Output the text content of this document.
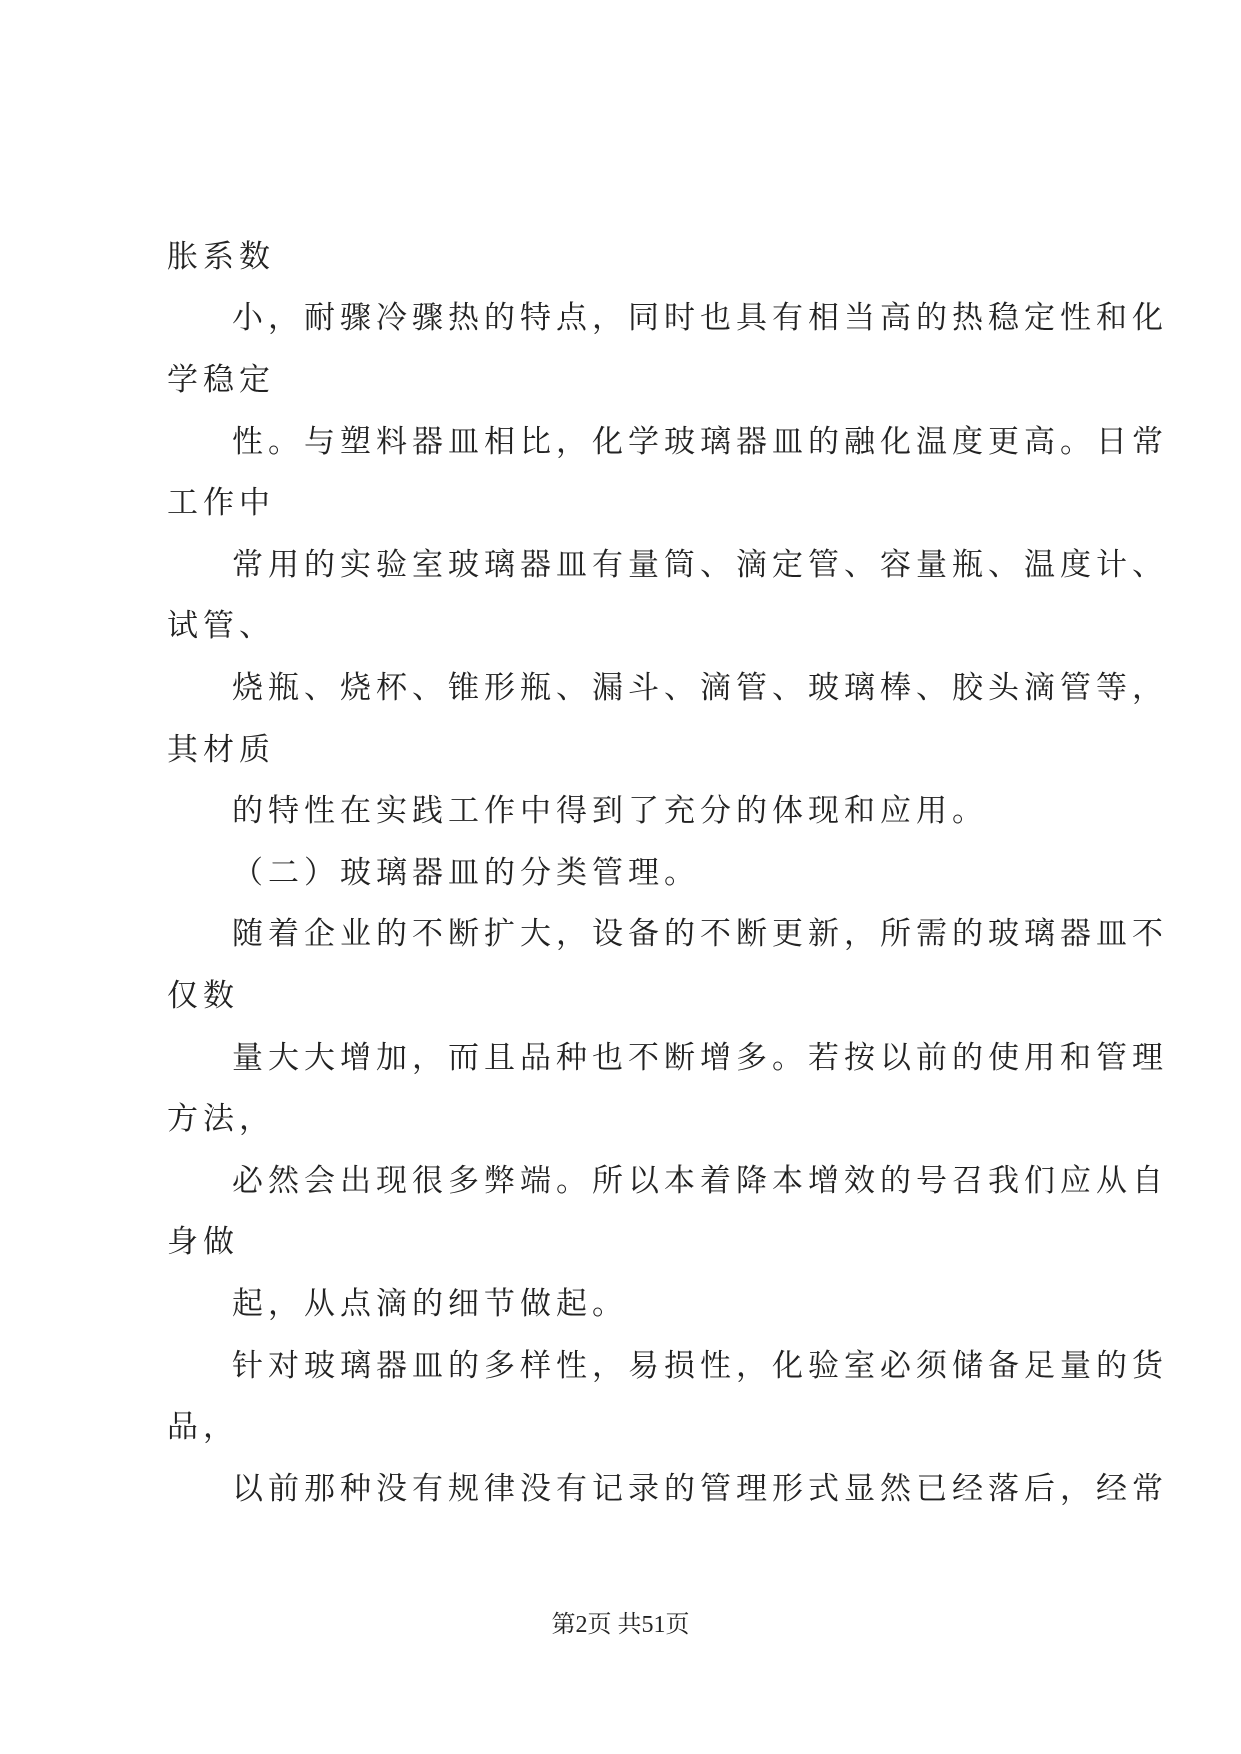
胀系数
小，耐骤冷骤热的特点，同时也具有相当高的热稳定性和化
学稳定
性。与塑料器皿相比，化学玻璃器皿的融化温度更高。日常
工作中
常用的实验室玻璃器皿有量筒、滴定管、容量瓶、温度计、
试管、
烧瓶、烧杯、锥形瓶、漏斗、滴管、玻璃棒、胶头滴管等，
其材质
的特性在实践工作中得到了充分的体现和应用。
（二）玻璃器皿的分类管理。
随着企业的不断扩大，设备的不断更新，所需的玻璃器皿不
仅数
量大大增加，而且品种也不断增多。若按以前的使用和管理
方法，
必然会出现很多弊端。所以本着降本增效的号召我们应从自
身做
起，从点滴的细节做起。
针对玻璃器皿的多样性，易损性，化验室必须储备足量的货
品，
以前那种没有规律没有记录的管理形式显然已经落后，经常
第2页 共51页
